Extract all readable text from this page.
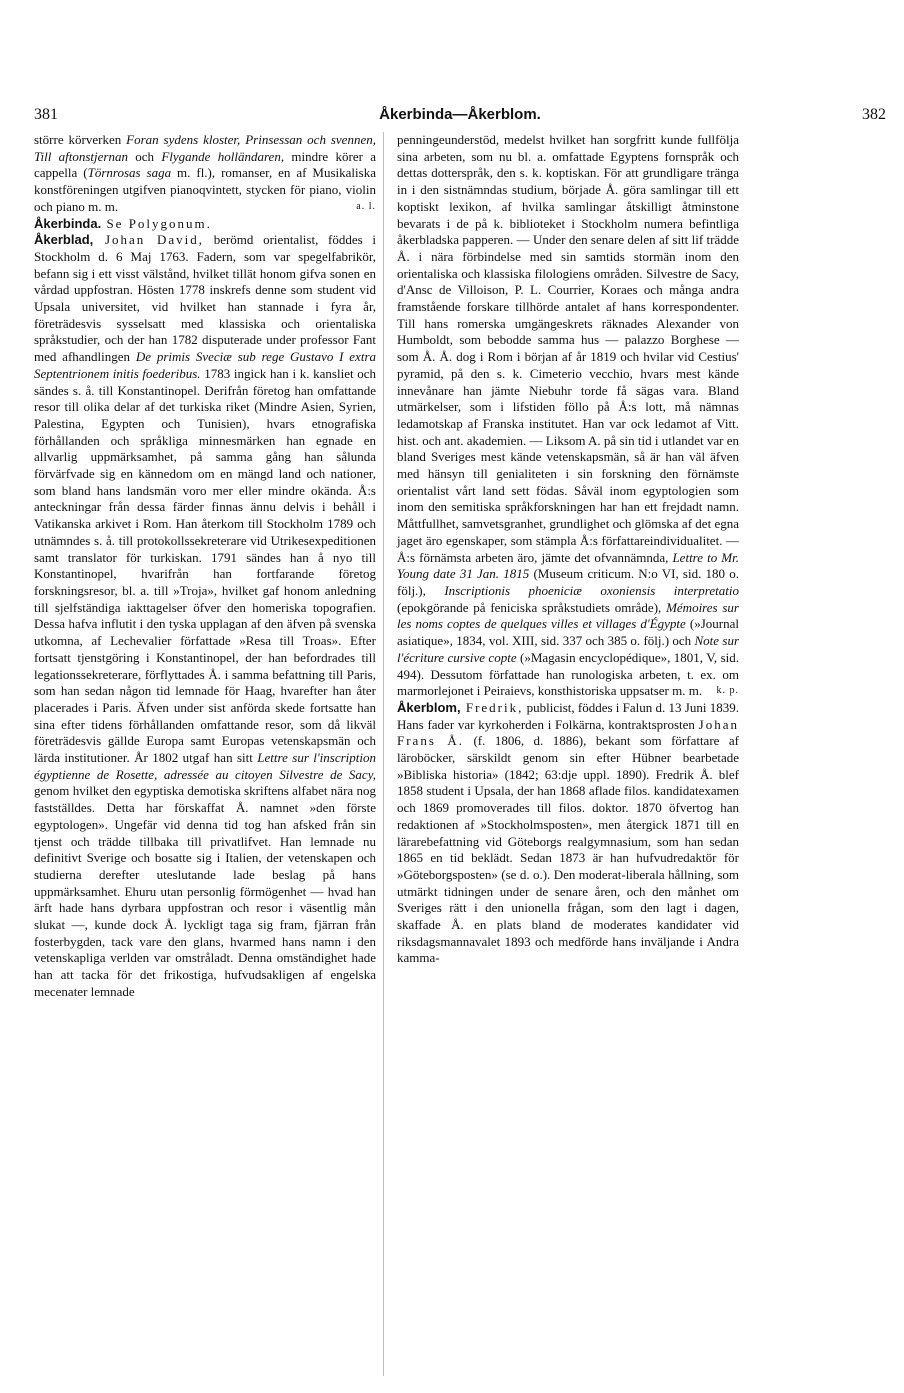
381	Åkerbinda—Åkerblom.	382

större körverken Foran sydens kloster, Prinsessan och svennen, Till aftonstjernan och Flygande holländaren, mindre körer a cappella (Törnrosas saga m. fl.), romanser, en af Musikaliska konstföreningen utgifven pianoqvintett, stycken för piano, violin och piano m. m.	a. l.

Åkerbinda. Se Polygonum.

Åkerblad, Johan David, berömd orientalist, föddes i Stockholm d. 6 Maj 1763. Fadern, som var spegelfabrikör, befann sig i ett visst välstånd, hvilket tillät honom gifva sonen en vårdad uppfostran. Hösten 1778 inskrefs denne som student vid Upsala universitet, vid hvilket han stannade i fyra år, företrädesvis sysselsatt med klassiska och orientaliska språkstudier, och der han 1782 disputerade under professor Fant med afhandlingen De primis Sveciæ sub rege Gustavo I extra Septentrionem initis foederibus. 1783 ingick han i k. kansliet och sändes s. å. till Konstantinopel. Derifrån företog han omfattande resor till olika delar af det turkiska riket (Mindre Asien, Syrien, Palestina, Egypten och Tunisien), hvars etnografiska förhållanden och språkliga minnesmärken han egnade en allvarlig uppmärksamhet, på samma gång han sålunda förvärfvade sig en kännedom om en mängd land och nationer, som bland hans landsmän voro mer eller mindre okända. Å:s anteckningar från dessa färder finnas ännu delvis i behåll i Vatikanska arkivet i Rom. Han återkom till Stockholm 1789 och utnämndes s. å. till protokollssekreterare vid Utrikesexpeditionen samt translator för turkiskan. 1791 sändes han å nyo till Konstantinopel, hvarifrån han fortfarande företog forskningsresor, bl. a. till »Troja», hvilket gaf honom anledning till sjelfständiga iakttagelser öfver den homeriska topografien. Dessa hafva influtit i den tyska upplagan af den äfven på svenska utkomna, af Lechevalier författade »Resa till Troas». Efter fortsatt tjenstgöring i Konstantinopel, der han befordrades till legationssekreterare, förflyttades Å. i samma befattning till Paris, som han sedan någon tid lemnade för Haag, hvarefter han åter placerades i Paris. Äfven under sist anförda skede fortsatte han sina efter tidens förhållanden omfattande resor, som då likväl företrädesvis gällde Europa samt Europas vetenskapsmän och lärda institutioner. År 1802 utgaf han sitt Lettre sur l'inscription égyptienne de Rosette, adressée au citoyen Silvestre de Sacy, genom hvilket den egyptiska demotiska skriftens alfabet nära nog fastställdes. Detta har förskaffat Å. namnet »den förste egyptologen». Ungefär vid denna tid tog han afsked från sin tjenst och trädde tillbaka till privatlifvet. Han lemnade nu definitivt Sverige och bosatte sig i Italien, der vetenskapen och studierna derefter uteslutande lade beslag på hans uppmärksamhet. Ehuru utan personlig förmögenhet — hvad han ärft hade hans dyrbara uppfostran och resor i väsentlig mån slukat —, kunde dock Å. lyckligt taga sig fram, fjärran från fosterbygden, tack vare den glans, hvarmed hans namn i den vetenskapliga verlden var omstråladt. Denna omständighet hade han att tacka för det frikostiga, hufvudsakligen af engelska mecenater lemnade

penningeunderstöd, medelst hvilket han sorgfritt kunde fullfölja sina arbeten, som nu bl. a. omfattade Egyptens fornspråk och dettas dotterspråk, den s. k. koptiskan. För att grundligare tränga in i den sistnämndas studium, började Å. göra samlingar till ett koptiskt lexikon, af hvilka samlingar åtskilligt åtminstone bevarats i de på k. biblioteket i Stockholm numera befintliga åkerbladska papperen. — Under den senare delen af sitt lif trädde Å. i nära förbindelse med sin samtids stormän inom den orientaliska och klassiska filologiens områden. Silvestre de Sacy, d'Ansc de Villoison, P. L. Courrier, Koraes och många andra framstående forskare tillhörde antalet af hans korrespondenter. Till hans romerska umgängeskrets räknades Alexander von Humboldt, som bebodde samma hus — palazzo Borghese — som Å. Å. dog i Rom i början af år 1819 och hvilar vid Cestius' pyramid, på den s. k. Cimeterio vecchio, hvars mest kände innevånare han jämte Niebuhr torde få sägas vara. Bland utmärkelser, som i lifstiden föllo på Å:s lott, må nämnas ledamotskap af Franska institutet. Han var ock ledamot af Vitt. hist. och ant. akademien. — Liksom A. på sin tid i utlandet var en bland Sveriges mest kände vetenskapsmän, så är han väl äfven med hänsyn till genialiteten i sin forskning den förnämste orientalist vårt land sett födas. Såväl inom egyptologien som inom den semitiska språkforskningen har han ett frejdadt namn. Måttfullhet, samvetsgranhet, grundlighet och glömska af det egna jaget äro egenskaper, som stämpla Å:s författareindividualitet. — Å:s förnämsta arbeten äro, jämte det ofvannämnda, Lettre to Mr. Young date 31 Jan. 1815 (Museum criticum. N:o VI, sid. 180 o. följ.), Inscriptionis phoeniciæ oxoniensis interpretatio (epokgörande på feniciska språkstudiets område), Mémoires sur les noms coptes de quelques villes et villages d'Égypte (»Journal asiatique», 1834, vol. XIII, sid. 337 och 385 o. följ.) och Note sur l'écriture cursive copte (»Magasin encyclopédique», 1801, V, sid. 494). Dessutom författade han runologiska arbeten, t. ex. om marmorlejonet i Peiraievs, konsthistoriska uppsatser m. m. k. p.

Åkerblom, Fredrik, publicist, föddes i Falun d. 13 Juni 1839. Hans fader var kyrkoherden i Folkärna, kontraktsprosten Johan Frans Å. (f. 1806, d. 1886), bekant som författare af läroböcker, särskildt genom sin efter Hübner bearbetade »Bibliska historia» (1842; 63:dje uppl. 1890). Fredrik Å. blef 1858 student i Upsala, der han 1868 aflade filos. kandidatexamen och 1869 promoverades till filos. doktor. 1870 öfvertog han redaktionen af »Stockholmsposten», men återgick 1871 till en lärarebefattning vid Göteborgs realgymnasium, som han sedan 1865 en tid beklädt. Sedan 1873 är han hufvudredaktör för »Göteborgsposten» (se d. o.). Den moderat-liberala hållning, som utmärkt tidningen under de senare åren, och den månhet om Sveriges rätt i den unionella frågan, som den lagt i dagen, skaffade Å. en plats bland de moderates kandidater vid riksdagsmannavalet 1893 och medförde hans inväljande i Andra kamma-
